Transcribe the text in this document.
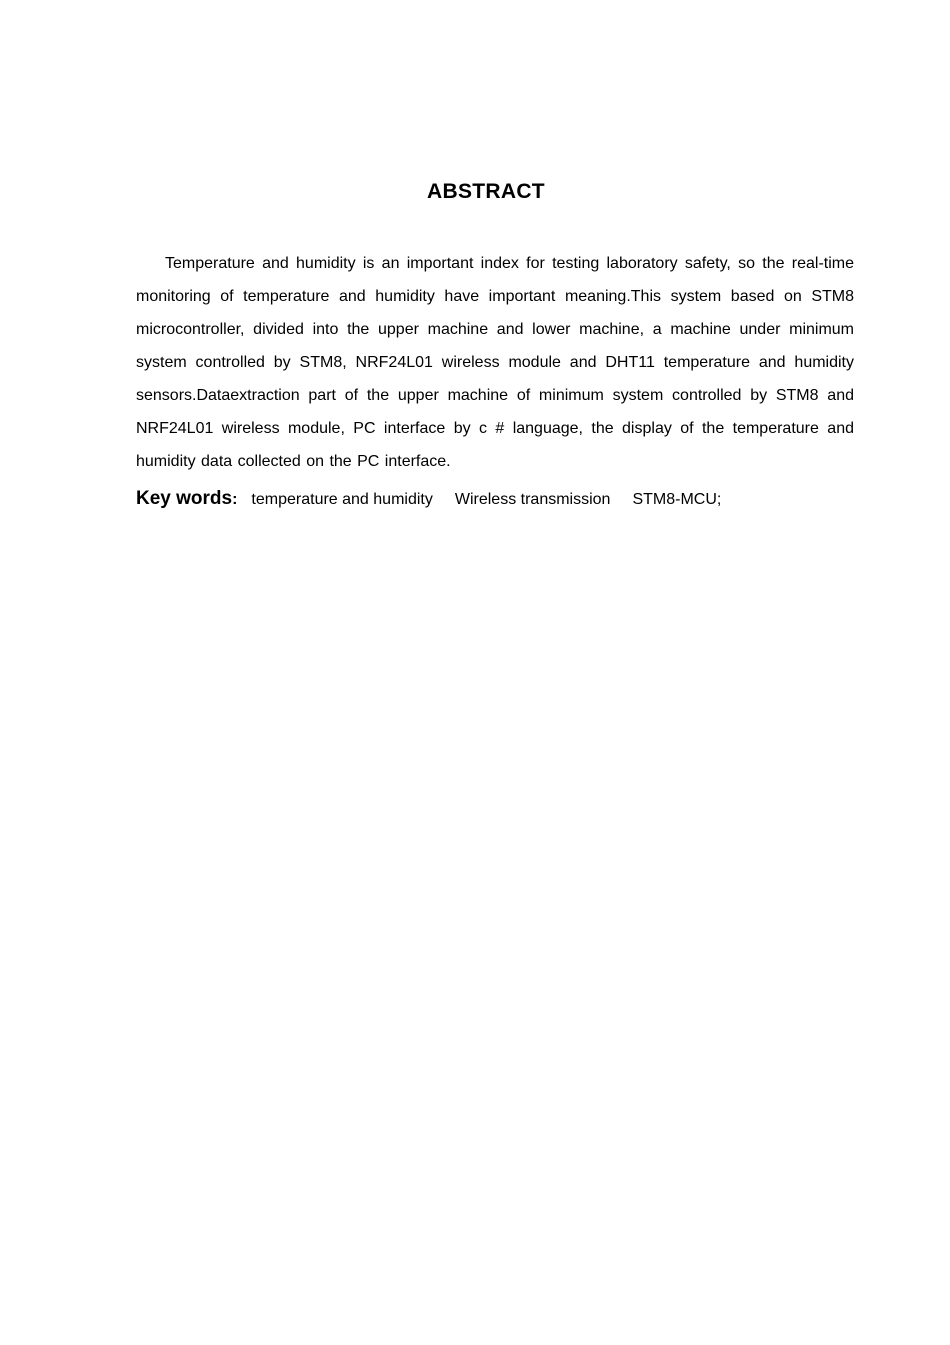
ABSTRACT

Temperature and humidity is an important index for testing laboratory safety, so the real-time monitoring of temperature and humidity have important meaning.This system based on STM8 microcontroller, divided into the upper machine and lower machine, a machine under minimum system controlled by STM8, NRF24L01 wireless module and DHT11 temperature and humidity sensors.Dataextraction part of the upper machine of minimum system controlled by STM8 and NRF24L01 wireless module, PC interface by c # language, the display of the temperature and humidity data collected on the PC interface.

Key words: temperature and humidity Wireless transmission STM8-MCU;
